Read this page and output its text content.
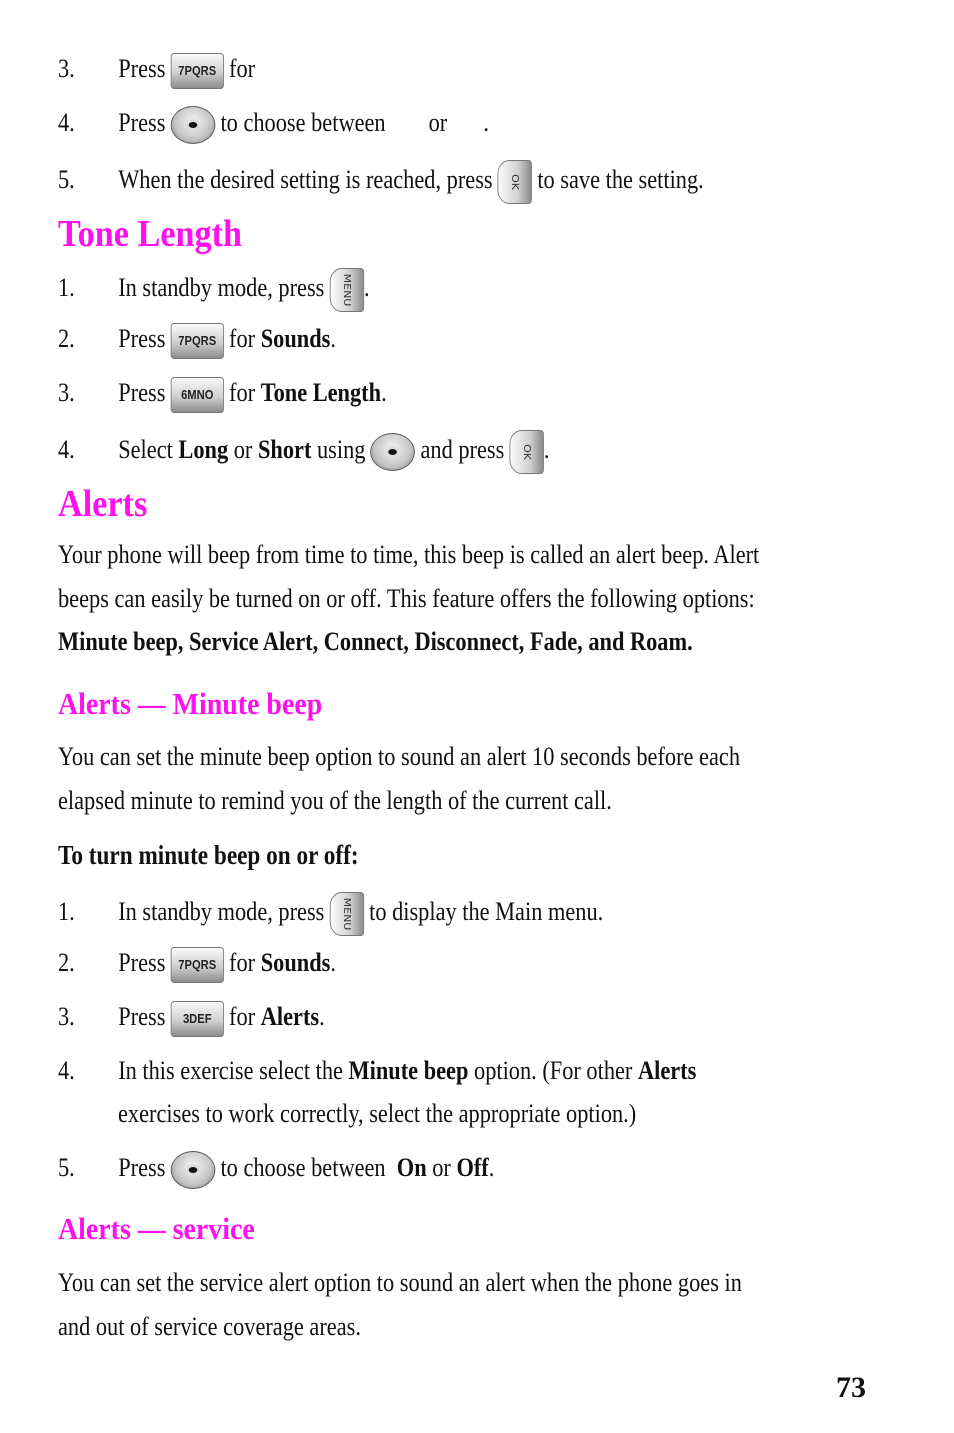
3. Press 7PQRS for
4. Press to choose between or .
5. When the desired setting is reached, press OK to save the setting.
Tone Length
1. In standby mode, press MENU .
2. Press 7PQRS for Sounds.
3. Press 6MNO for Tone Length.
4. Select Long or Short using and press OK .
Alerts
Your phone will beep from time to time, this beep is called an alert beep. Alert
beeps can easily be turned on or off. This feature offers the following options:
Minute beep, Service Alert, Connect, Disconnect, Fade, and Roam.
Alerts — Minute beep
You can set the minute beep option to sound an alert 10 seconds before each
elapsed minute to remind you of the length of the current call.
To turn minute beep on or off:
1. In standby mode, press MENU to display the Main menu.
2. Press 7PQRS for Sounds.
3. Press 3DEF for Alerts.
4. In this exercise select the Minute beep option. (For other Alerts
exercises to work correctly, select the appropriate option.)
5. Press to choose between  On or Off.
Alerts — service
You can set the service alert option to sound an alert when the phone goes in
and out of service coverage areas.
73
